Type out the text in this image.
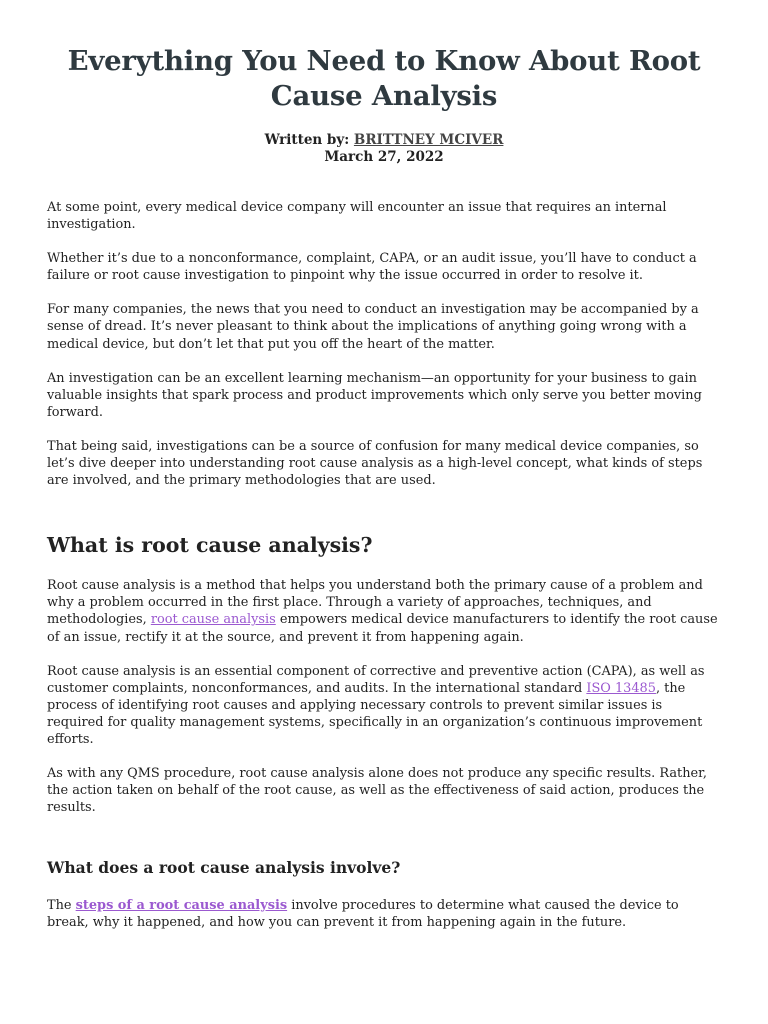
Everything You Need to Know About Root Cause Analysis
Written by: BRITTNEY MCIVER
March 27, 2022

At some point, every medical device company will encounter an issue that requires an internal investigation.

Whether it’s due to a nonconformance, complaint, CAPA, or an audit issue, you’ll have to conduct a failure or root cause investigation to pinpoint why the issue occurred in order to resolve it.

For many companies, the news that you need to conduct an investigation may be accompanied by a sense of dread. It’s never pleasant to think about the implications of anything going wrong with a medical device, but don’t let that put you off the heart of the matter.

An investigation can be an excellent learning mechanism—an opportunity for your business to gain valuable insights that spark process and product improvements which only serve you better moving forward.

That being said, investigations can be a source of confusion for many medical device companies, so let’s dive deeper into understanding root cause analysis as a high-level concept, what kinds of steps are involved, and the primary methodologies that are used.

What is root cause analysis?

Root cause analysis is a method that helps you understand both the primary cause of a problem and why a problem occurred in the first place. Through a variety of approaches, techniques, and methodologies, root cause analysis empowers medical device manufacturers to identify the root cause of an issue, rectify it at the source, and prevent it from happening again.

Root cause analysis is an essential component of corrective and preventive action (CAPA), as well as customer complaints, nonconformances, and audits. In the international standard ISO 13485, the process of identifying root causes and applying necessary controls to prevent similar issues is required for quality management systems, specifically in an organization’s continuous improvement efforts.

As with any QMS procedure, root cause analysis alone does not produce any specific results. Rather, the action taken on behalf of the root cause, as well as the effectiveness of said action, produces the results.

What does a root cause analysis involve?

The steps of a root cause analysis involve procedures to determine what caused the device to break, why it happened, and how you can prevent it from happening again in the future.
